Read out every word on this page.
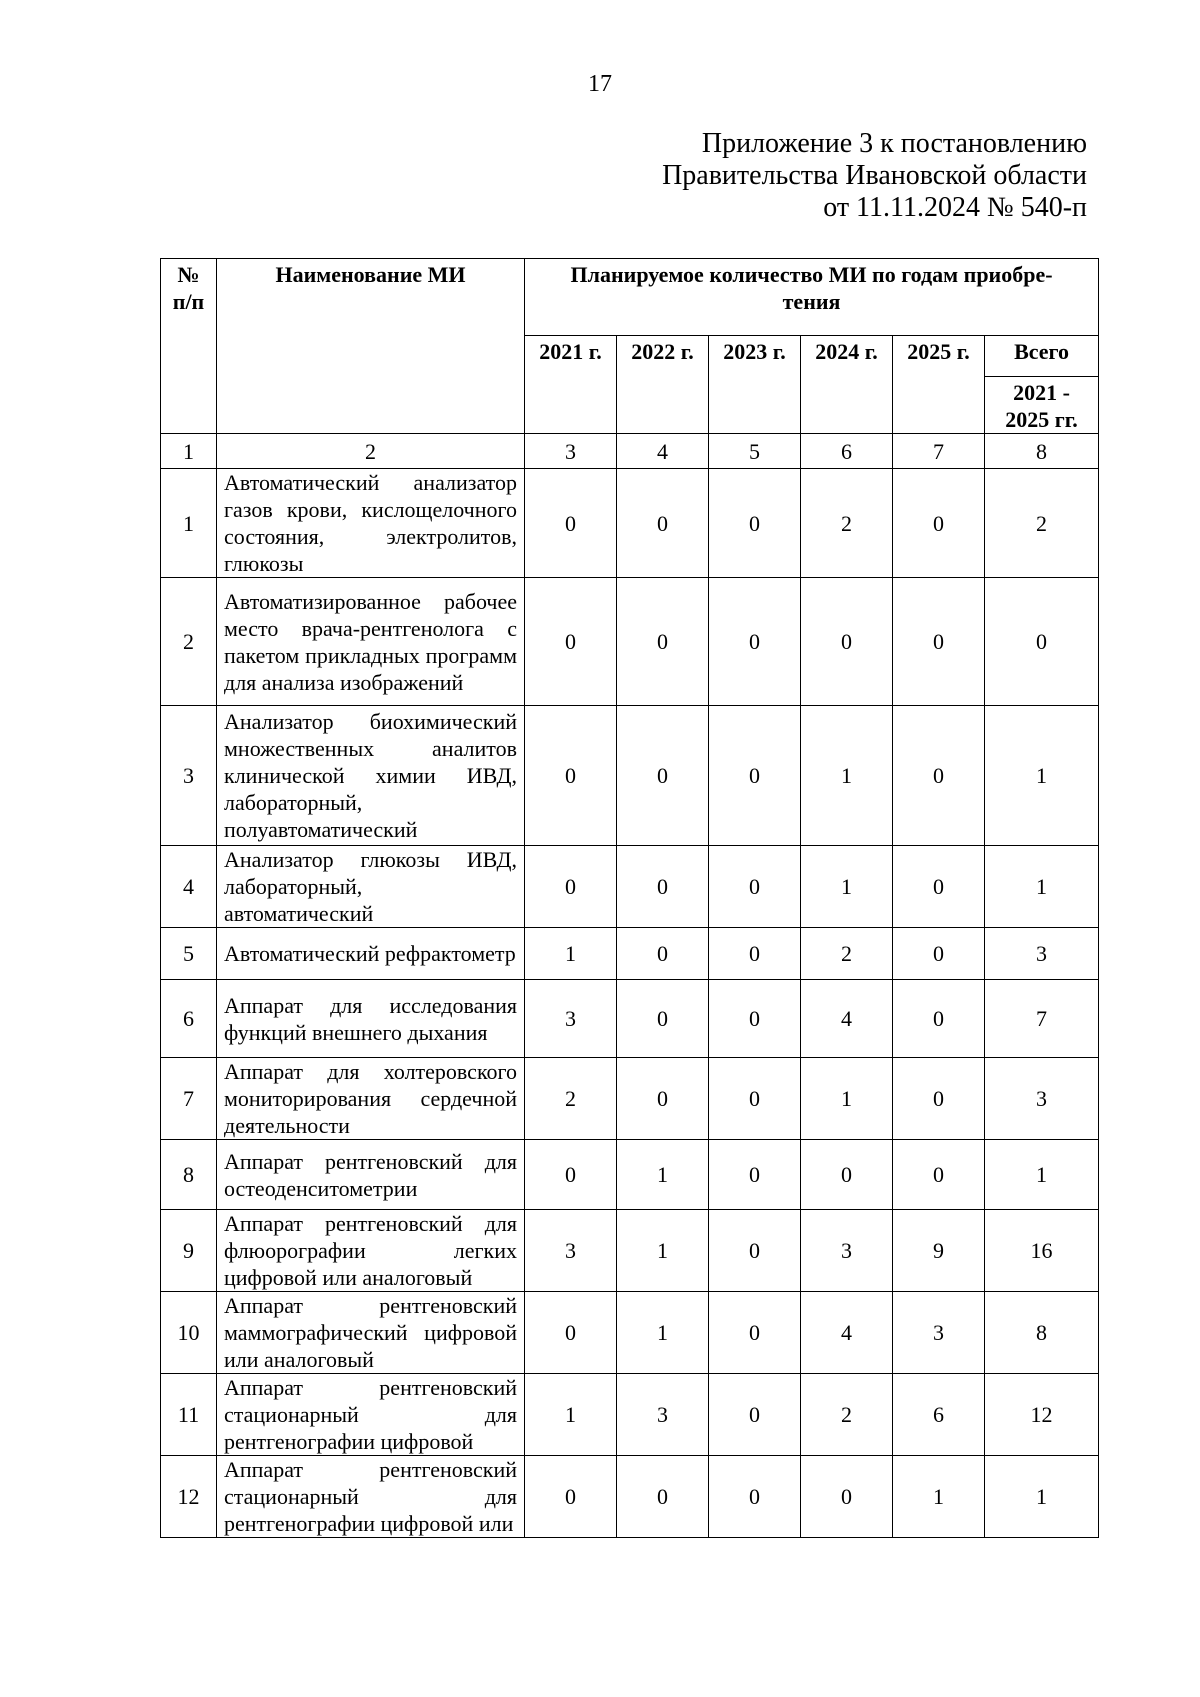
17
Приложение 3 к постановлению
Правительства Ивановской области
от 11.11.2024 № 540-п
№
п/п	Наименование МИ	Планируемое количество МИ по годам приобре-
тения					
		2021 г.	2022 г.	2023 г.	2024 г.	2025 г.	Всего
							2021 -
2025 гг.
1	2	3	4	5	6	7	8
1	Автоматический анализатор газов крови, кислощелочного состояния, электролитов, глюкозы	0	0	0	2	0	2
2	Автоматизированное рабочее место врача-рентгенолога с пакетом прикладных программ для анализа изображений	0	0	0	0	0	0
3	Анализатор биохимический множественных аналитов клинической химии ИВД, лабораторный, полуавтоматический	0	0	0	1	0	1
4	Анализатор глюкозы ИВД, лабораторный, автоматический	0	0	0	1	0	1
5	Автоматический рефрактометр	1	0	0	2	0	3
6	Аппарат для исследования функций внешнего дыхания	3	0	0	4	0	7
7	Аппарат для холтеровского мониторирования сердечной деятельности	2	0	0	1	0	3
8	Аппарат рентгеновский для остеоденситометрии	0	1	0	0	0	1
9	Аппарат рентгеновский для флюорографии легких цифровой или аналоговый	3	1	0	3	9	16
10	Аппарат рентгеновский маммографический цифровой или аналоговый	0	1	0	4	3	8
11	Аппарат рентгеновский стационарный для рентгенографии цифровой	1	3	0	2	6	12
12	Аппарат рентгеновский стационарный для рентгенографии цифровой или	0	0	0	0	1	1
